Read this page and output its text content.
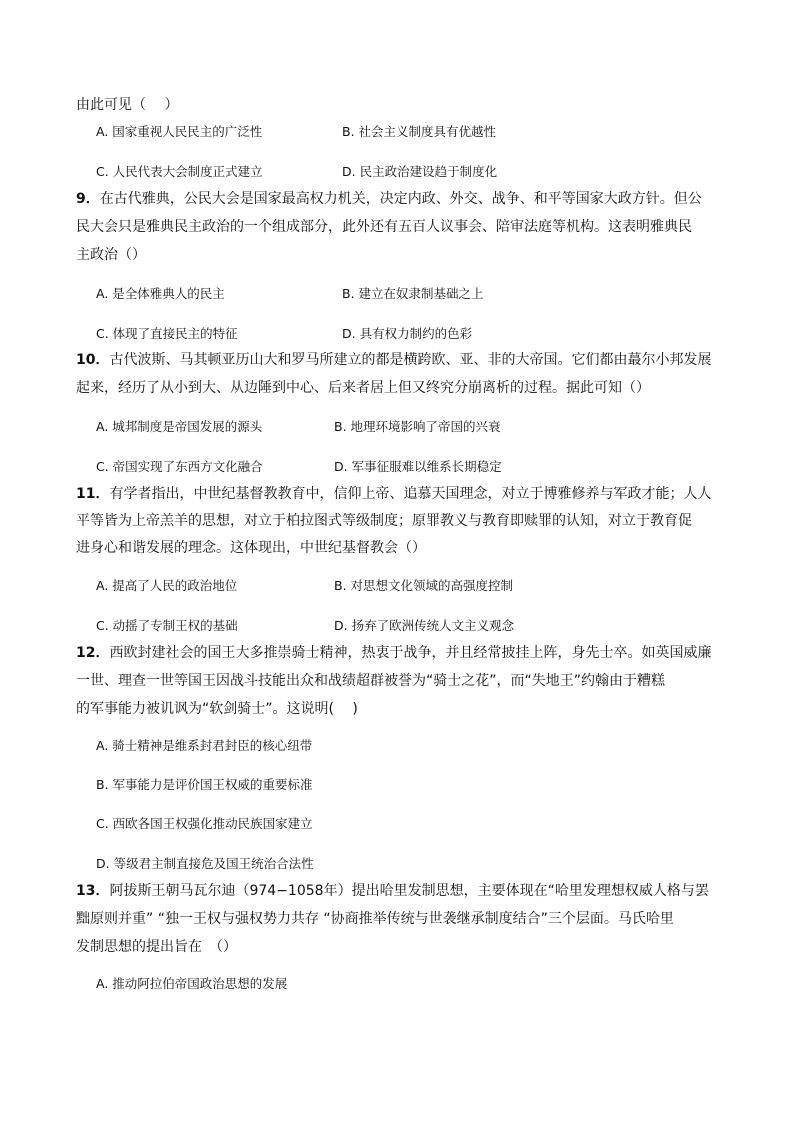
由此可见（　 ）
A. 国家重视人民民主的广泛性	B. 社会主义制度具有优越性
C. 人民代表大会制度正式建立	D. 民主政治建设趋于制度化
9．在古代雅典，公民大会是国家最高权力机关，决定内政、外交、战争、和平等国家大政方针。但公
民大会只是雅典民主政治的一个组成部分，此外还有五百人议事会、陪审法庭等机构。这表明雅典民
主政治（）
A. 是全体雅典人的民主	B. 建立在奴隶制基础之上
C. 体现了直接民主的特征	D. 具有权力制约的色彩
10．古代波斯、马其顿亚历山大和罗马所建立的都是横跨欧、亚、非的大帝国。它们都由蕞尔小邦发展
起来，经历了从小到大、从边陲到中心、后来者居上但又终究分崩离析的过程。据此可知（）
A. 城邦制度是帝国发展的源头	B. 地理环境影响了帝国的兴衰
C. 帝国实现了东西方文化融合	D. 军事征服难以维系长期稳定
11．有学者指出，中世纪基督教教育中，信仰上帝、追慕天国理念，对立于博雅修养与军政才能；人人
平等皆为上帝羔羊的思想，对立于柏拉图式等级制度；原罪教义与教育即赎罪的认知，对立于教育促
进身心和谐发展的理念。这体现出，中世纪基督教会（）
A. 提高了人民的政治地位	B. 对思想文化领域的高强度控制
C. 动摇了专制王权的基础	D. 扬弃了欧洲传统人文主义观念
12．西欧封建社会的国王大多推崇骑士精神，热衷于战争，并且经常披挂上阵，身先士卒。如英国威廉
一世、理查一世等国王因战斗技能出众和战绩超群被誉为“骑士之花”，而“失地王”约翰由于糟糕
的军事能力被讥讽为“软剑骑士”。这说明(　 )
A. 骑士精神是维系封君封臣的核心纽带
B. 军事能力是评价国王权威的重要标准
C. 西欧各国王权强化推动民族国家建立
D. 等级君主制直接危及国王统治合法性
13．阿拔斯王朝马瓦尔迪（974−1058年）提出哈里发制思想，主要体现在“哈里发理想权威人格与罢
黜原则并重” “独一王权与强权势力共存 “协商推举传统与世袭继承制度结合”三个层面。马氏哈里
发制思想的提出旨在　（）
A. 推动阿拉伯帝国政治思想的发展
